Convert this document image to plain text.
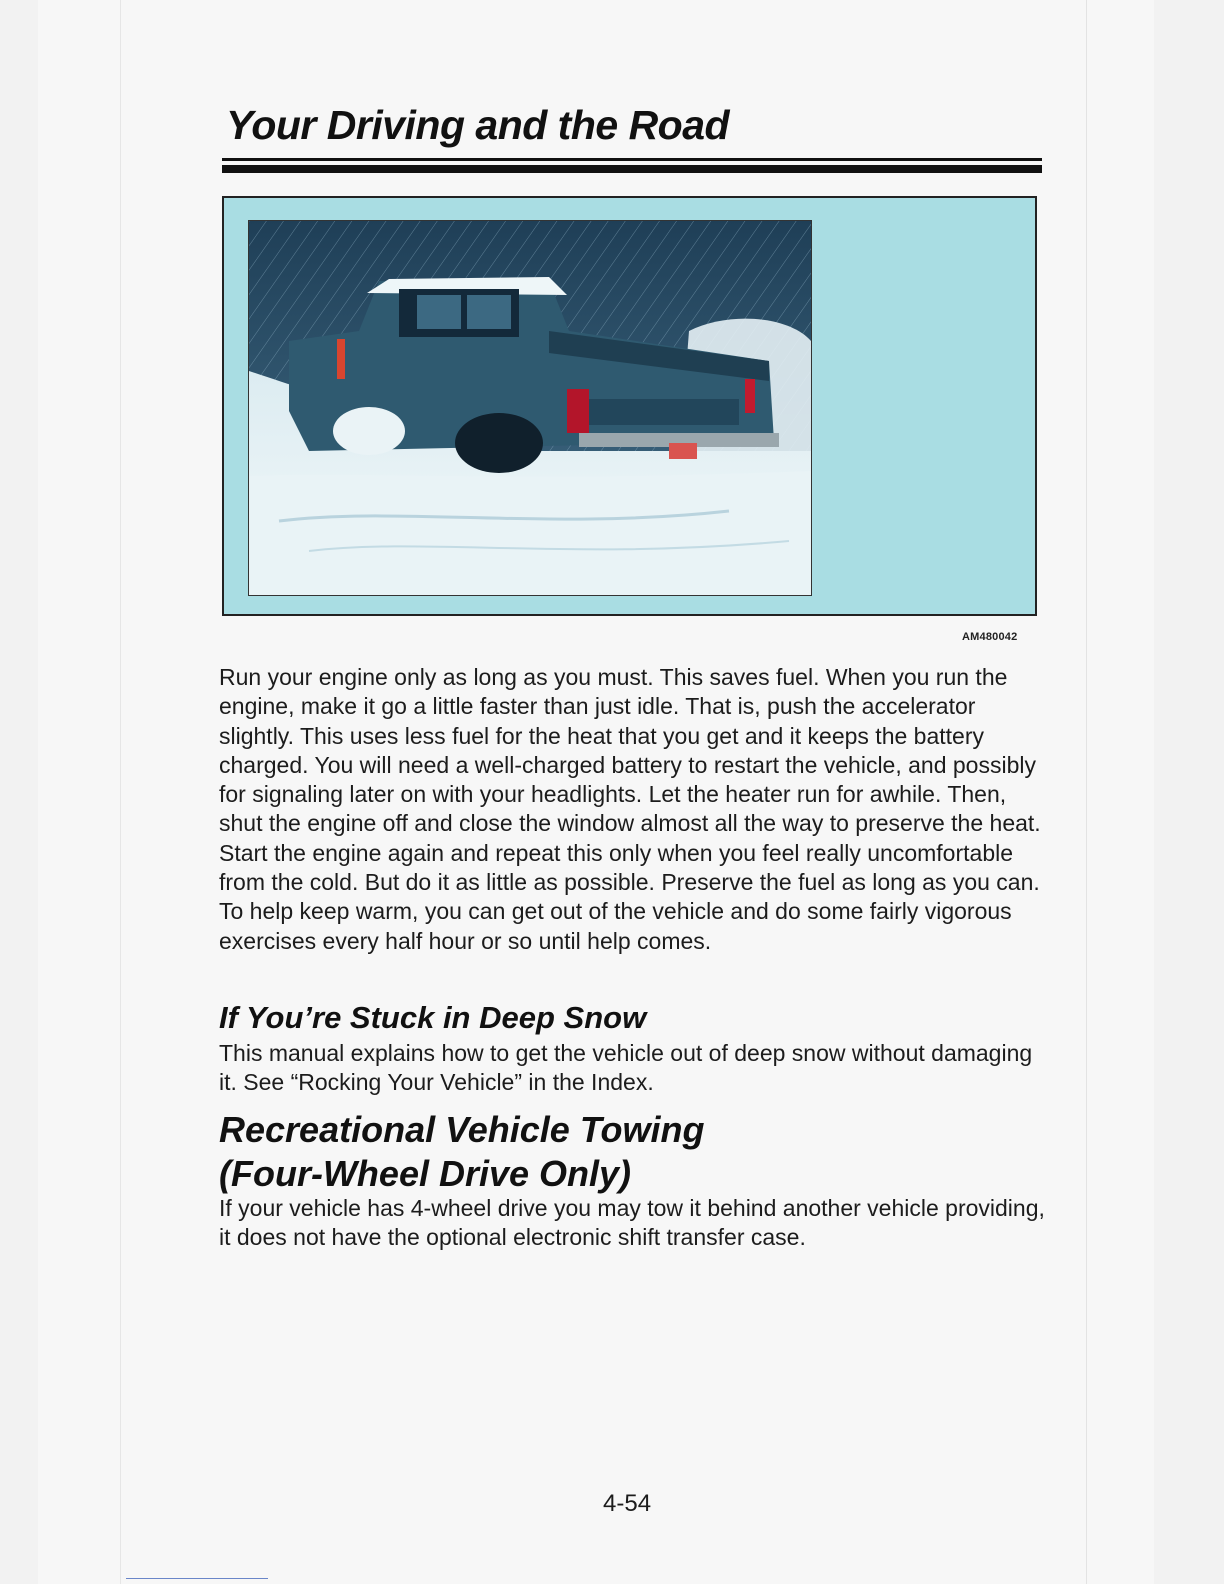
Your Driving and the Road
AM480042

Run your engine only as long as you must. This saves fuel. When you run the engine, make it go a little faster than just idle. That is, push the accelerator slightly. This uses less fuel for the heat that you get and it keeps the battery charged. You will need a well-charged battery to restart the vehicle, and possibly for signaling later on with your headlights. Let the heater run for awhile. Then, shut the engine off and close the window almost all the way to preserve the heat. Start the engine again and repeat this only when you feel really uncomfortable from the cold. But do it as little as possible. Preserve the fuel as long as you can. To help keep warm, you can get out of the vehicle and do some fairly vigorous exercises every half hour or so until help comes.

If You’re Stuck in Deep Snow

This manual explains how to get the vehicle out of deep snow without damaging it. See “Rocking Your Vehicle” in the Index.

Recreational Vehicle Towing
(Four-Wheel Drive Only)

If your vehicle has 4-wheel drive you may tow it behind another vehicle providing, it does not have the optional electronic shift transfer case.

4-54
